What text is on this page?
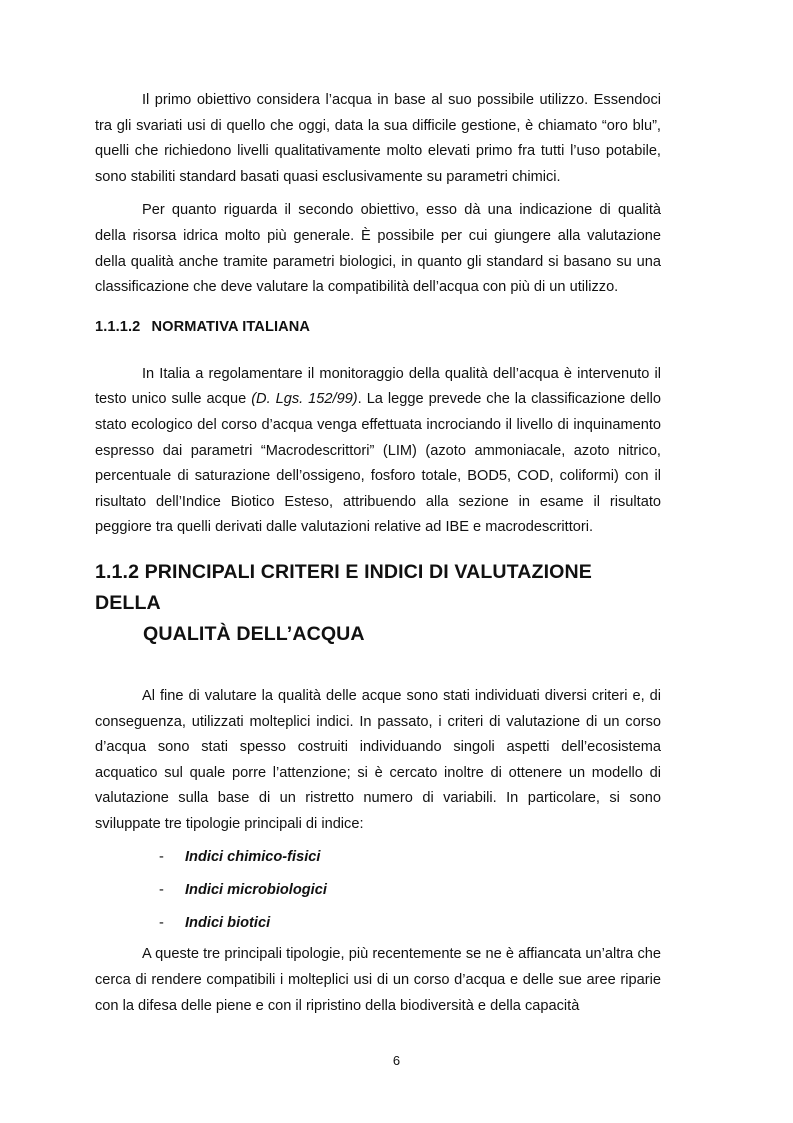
Il primo obiettivo considera l’acqua in base al suo possibile utilizzo. Essendoci tra gli svariati usi di quello che oggi, data la sua difficile gestione, è chiamato “oro blu”, quelli che richiedono livelli qualitativamente molto elevati primo fra tutti l’uso potabile, sono stabiliti standard basati quasi esclusivamente su parametri chimici.

Per quanto riguarda il secondo obiettivo, esso dà una indicazione di qualità della risorsa idrica molto più generale. È possibile per cui giungere alla valutazione della qualità anche tramite parametri biologici, in quanto gli standard si basano su una classificazione che deve valutare la compatibilità dell’acqua con più di un utilizzo.

1.1.1.2 NORMATIVA ITALIANA

In Italia a regolamentare il monitoraggio della qualità dell’acqua è intervenuto il testo unico sulle acque (D. Lgs. 152/99). La legge prevede che la classificazione dello stato ecologico del corso d’acqua venga effettuata incrociando il livello di inquinamento espresso dai parametri “Macrodescrittori” (LIM) (azoto ammoniacale, azoto nitrico, percentuale di saturazione dell’ossigeno, fosforo totale, BOD5, COD, coliformi) con il risultato dell’Indice Biotico Esteso, attribuendo alla sezione in esame il risultato peggiore tra quelli derivati dalle valutazioni relative ad IBE e macrodescrittori.

1.1.2 PRINCIPALI CRITERI E INDICI DI VALUTAZIONE DELLA
QUALITÀ DELL’ACQUA

Al fine di valutare la qualità delle acque sono stati individuati diversi criteri e, di conseguenza, utilizzati molteplici indici. In passato, i criteri di valutazione di un corso d’acqua sono stati spesso costruiti individuando singoli aspetti dell’ecosistema acquatico sul quale porre l’attenzione; si è cercato inoltre di ottenere un modello di valutazione sulla base di un ristretto numero di variabili. In particolare, si sono sviluppate tre tipologie principali di indice:

- Indici chimico-fisici
- Indici microbiologici
- Indici biotici

A queste tre principali tipologie, più recentemente se ne è affiancata un’altra che cerca di rendere compatibili i molteplici usi di un corso d’acqua e delle sue aree riparie con la difesa delle piene e con il ripristino della biodiversità e della capacità

6
